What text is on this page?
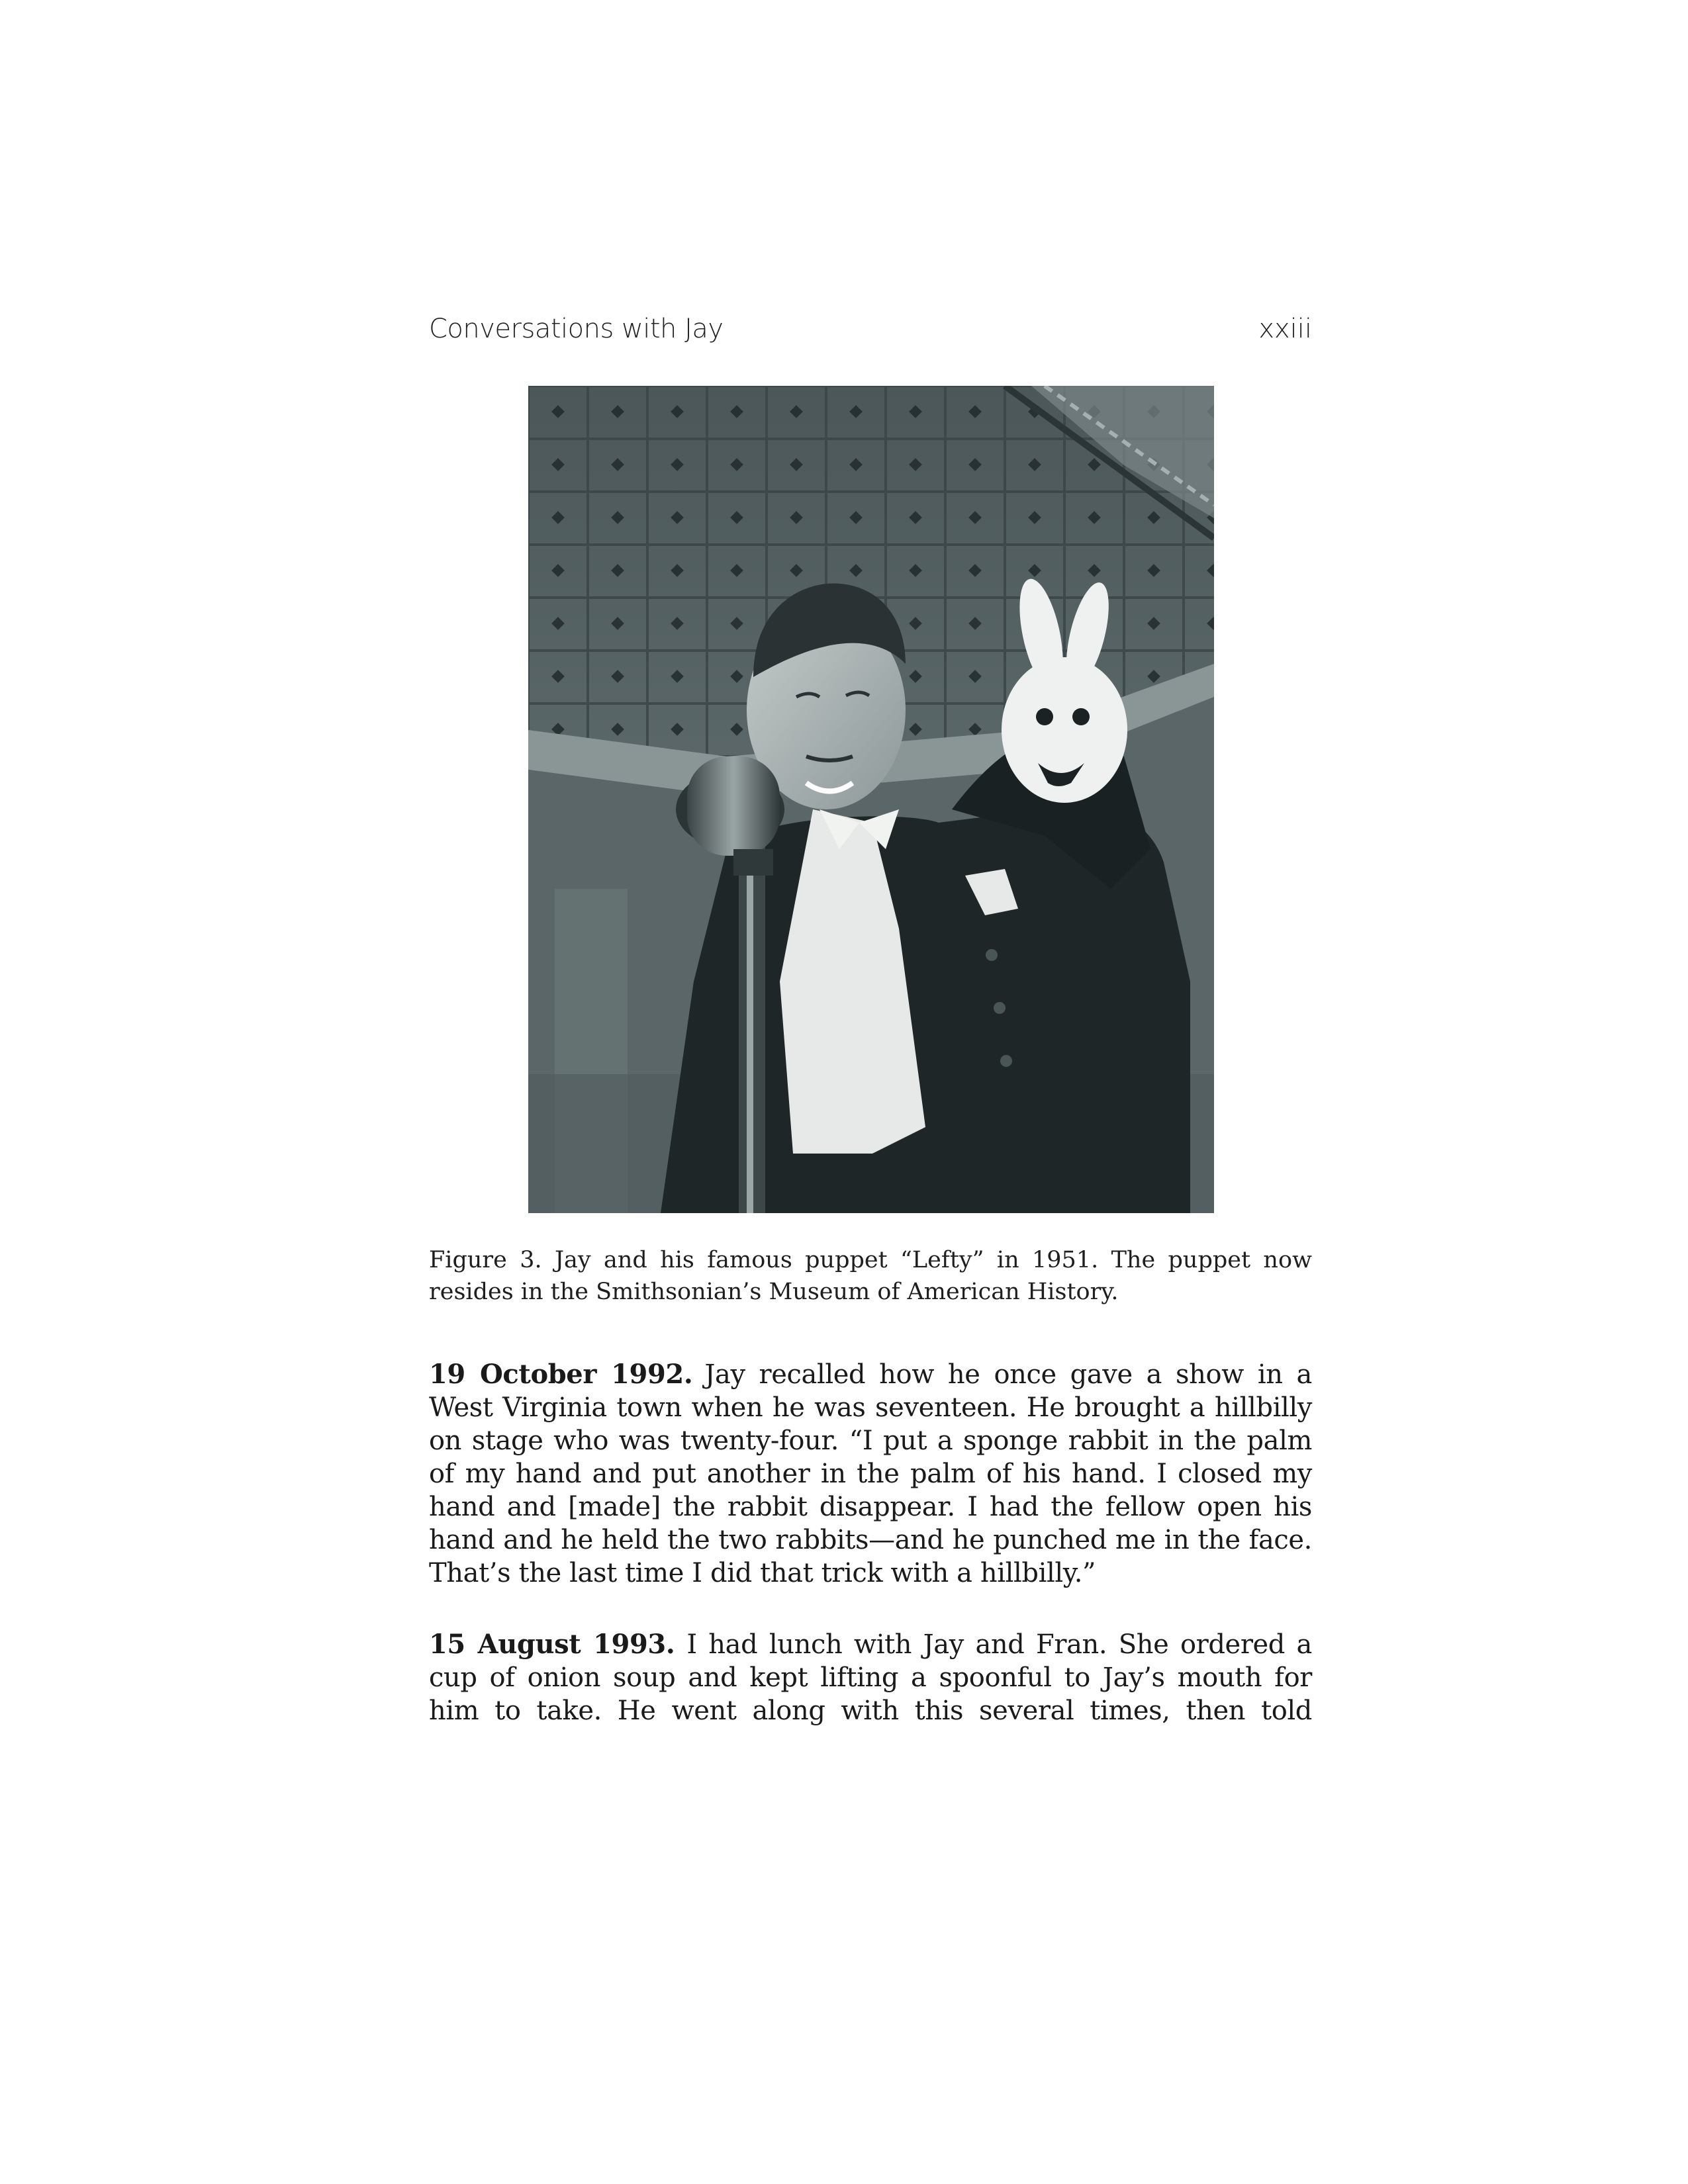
Conversations with Jay	xxiii
Figure 3. Jay and his famous puppet “Lefty” in 1951. The puppet now resides in the Smithsonian’s Museum of American History.

19 October 1992. Jay recalled how he once gave a show in a West Virginia town when he was seventeen. He brought a hillbilly on stage who was twenty-four. “I put a sponge rabbit in the palm of my hand and put another in the palm of his hand. I closed my hand and [made] the rabbit disappear. I had the fellow open his hand and he held the two rabbits—and he punched me in the face. That’s the last time I did that trick with a hillbilly.”

15 August 1993. I had lunch with Jay and Fran. She ordered a cup of onion soup and kept lifting a spoonful to Jay’s mouth for him to take. He went along with this several times, then told
